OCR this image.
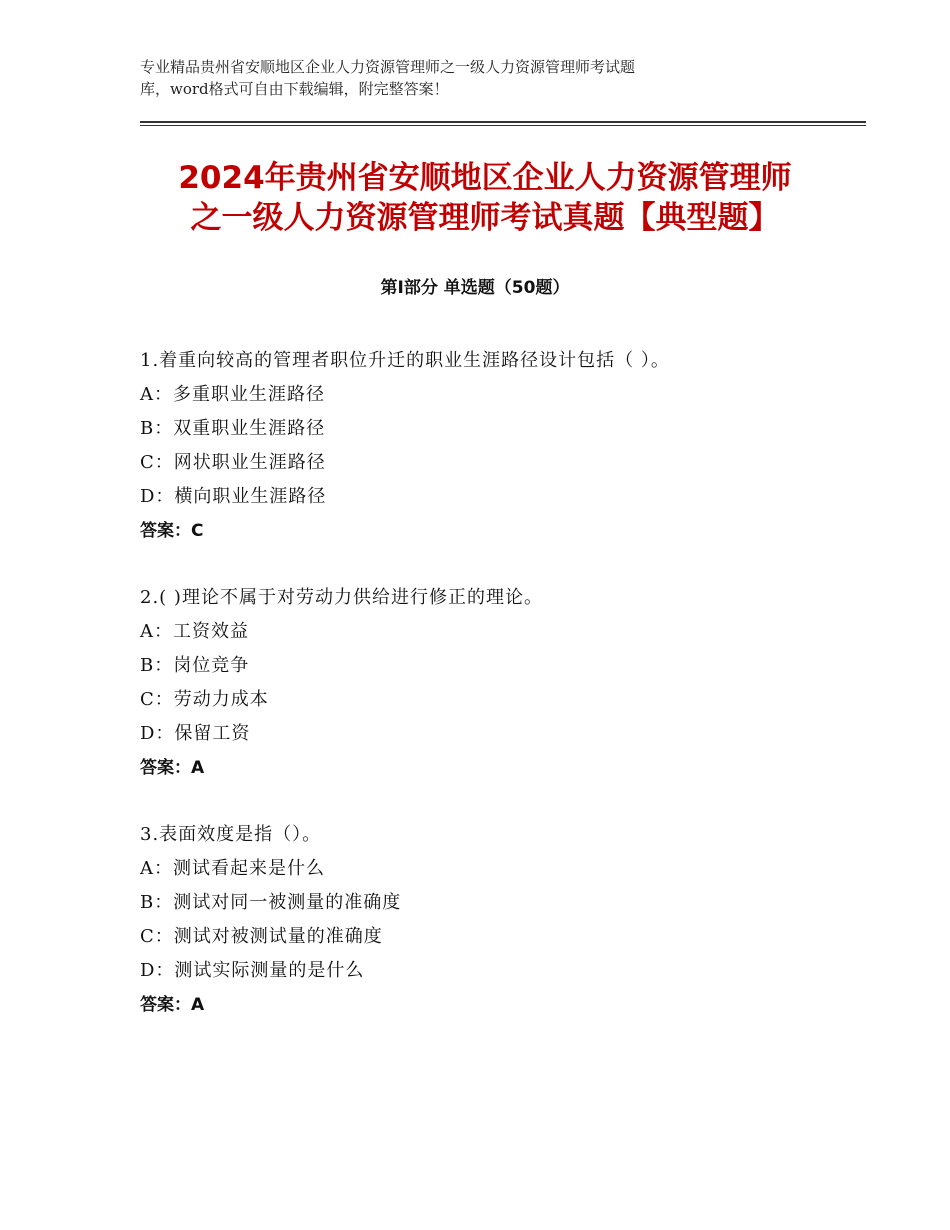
专业精品贵州省安顺地区企业人力资源管理师之一级人力资源管理师考试题
库，word格式可自由下载编辑，附完整答案！
2024年贵州省安顺地区企业人力资源管理师
之一级人力资源管理师考试真题【典型题】
第Ⅰ部分 单选题（50题）
1.着重向较高的管理者职位升迁的职业生涯路径设计包括（ ）。
A：多重职业生涯路径
B：双重职业生涯路径
C：网状职业生涯路径
D：横向职业生涯路径
答案：C
2.( )理论不属于对劳动力供给进行修正的理论。
A：工资效益
B：岗位竞争
C：劳动力成本
D：保留工资
答案：A
3.表面效度是指（）。
A：测试看起来是什么
B：测试对同一被测量的准确度
C：测试对被测试量的准确度
D：测试实际测量的是什么
答案：A
